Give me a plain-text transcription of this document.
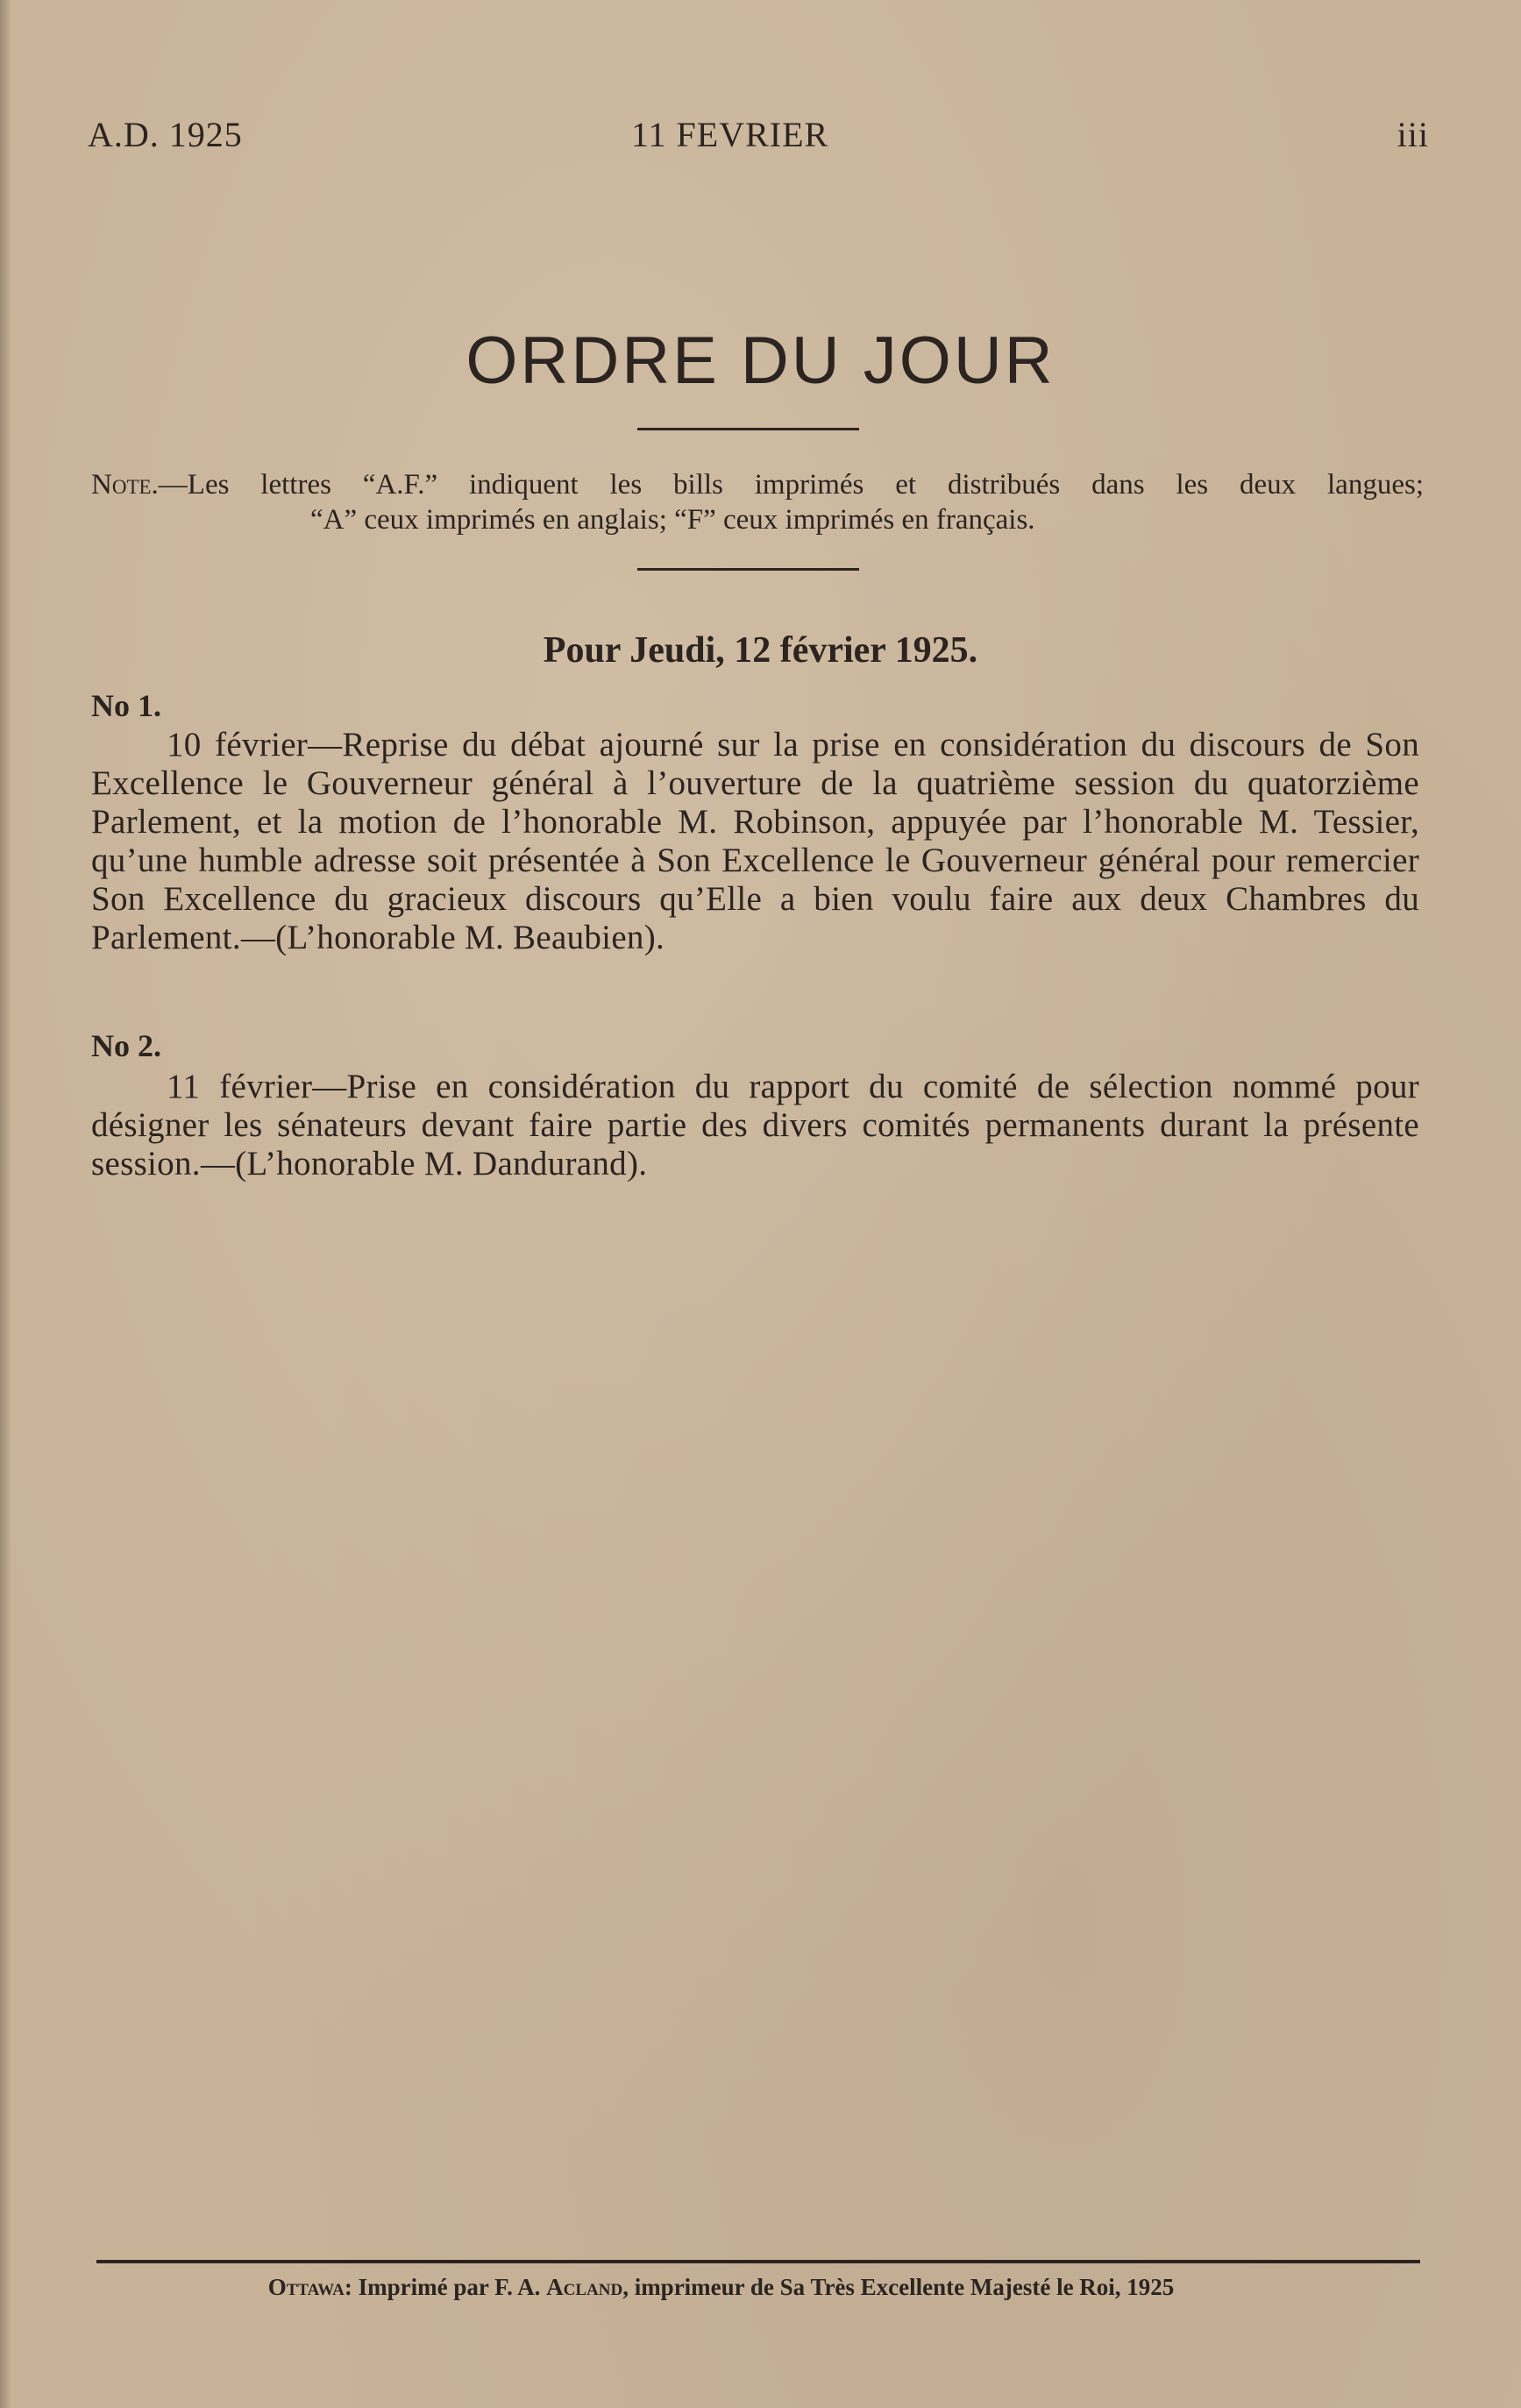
A.D. 1925	11 FEVRIER	iii
ORDRE DU JOUR
Note.—Les lettres “A.F.” indiquent les bills imprimés et distribués dans les deux langues;
“A” ceux imprimés en anglais; “F” ceux imprimés en français.
Pour Jeudi, 12 février 1925.
No 1.
10 février—Reprise du débat ajourné sur la prise en considération du discours de Son Excellence le Gouverneur général à l’ouverture de la quatrième session du quatorzième Parlement, et la motion de l’honorable M. Robinson, appuyée par l’honorable M. Tessier, qu’une humble adresse soit présentée à Son Excellence le Gouverneur général pour remercier Son Excellence du gracieux discours qu’Elle a bien voulu faire aux deux Chambres du Parlement.—(L’honorable M. Beaubien).
No 2.
11 février—Prise en considération du rapport du comité de sélection nommé pour désigner les sénateurs devant faire partie des divers comités permanents durant la présente session.—(L’honorable M. Dandurand).
Ottawa: Imprimé par F. A. Acland, imprimeur de Sa Très Excellente Majesté le Roi, 1925
